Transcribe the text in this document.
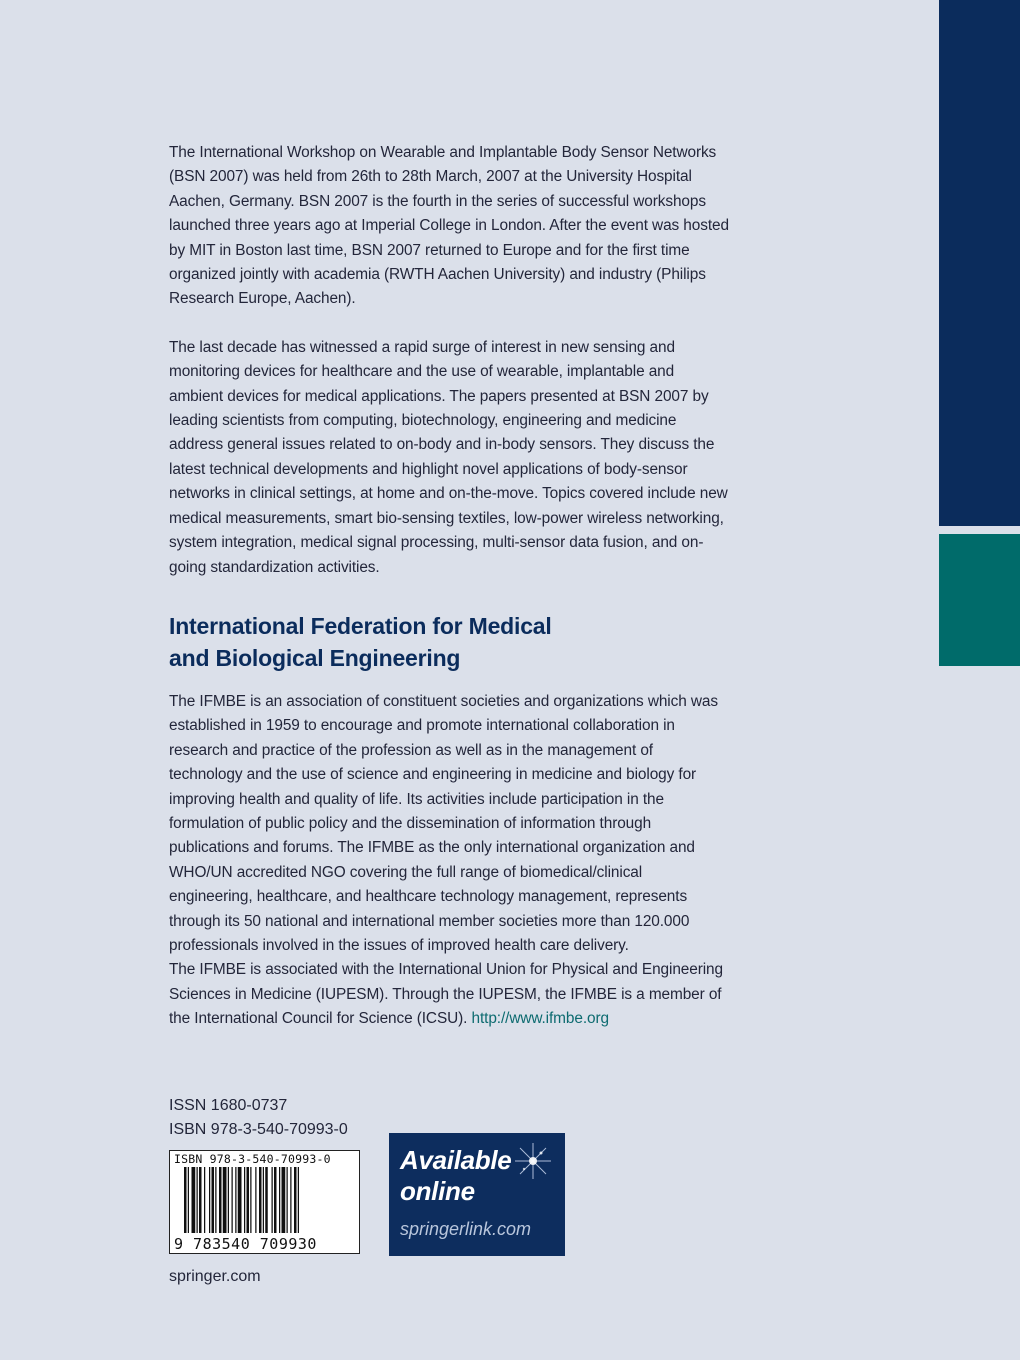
The International Workshop on Wearable and Implantable Body Sensor Networks (BSN 2007) was held from 26th to 28th March, 2007 at the University Hospital Aachen, Germany. BSN 2007 is the fourth in the series of successful workshops launched three years ago at Imperial College in London. After the event was hosted by MIT in Boston last time, BSN 2007 returned to Europe and for the first time organized jointly with academia (RWTH Aachen University) and industry (Philips Research Europe, Aachen).

The last decade has witnessed a rapid surge of interest in new sensing and monitoring devices for healthcare and the use of wearable, implantable and ambient devices for medical applications. The papers presented at BSN 2007 by leading scientists from computing, biotechnology, engineering and medicine address general issues related to on-body and in-body sensors. They discuss the latest technical developments and highlight novel applications of body-sensor networks in clinical settings, at home and on-the-move. Topics covered include new medical measurements, smart bio-sensing textiles, low-power wireless networking, system integration, medical signal processing, multi-sensor data fusion, and on-going standardization activities.

International Federation for Medical
and Biological Engineering

The IFMBE is an association of constituent societies and organizations which was established in 1959 to encourage and promote international collaboration in research and practice of the profession as well as in the management of technology and the use of science and engineering in medicine and biology for improving health and quality of life. Its activities include participation in the formulation of public policy and the dissemination of information through publications and forums. The IFMBE as the only international organization and WHO/UN accredited NGO covering the full range of biomedical/clinical engineering, healthcare, and healthcare technology management, represents through its 50 national and international member societies more than 120.000 professionals involved in the issues of improved health care delivery.

The IFMBE is associated with the International Union for Physical and Engineering Sciences in Medicine (IUPESM). Through the IUPESM, the IFMBE is a member of the International Council for Science (ICSU). http://www.ifmbe.org

ISSN 1680-0737
ISBN 978-3-540-70993-0
ISBN 978-3-540-70993-0
9 783540 709930
Available
online
springerlink.com
springer.com
